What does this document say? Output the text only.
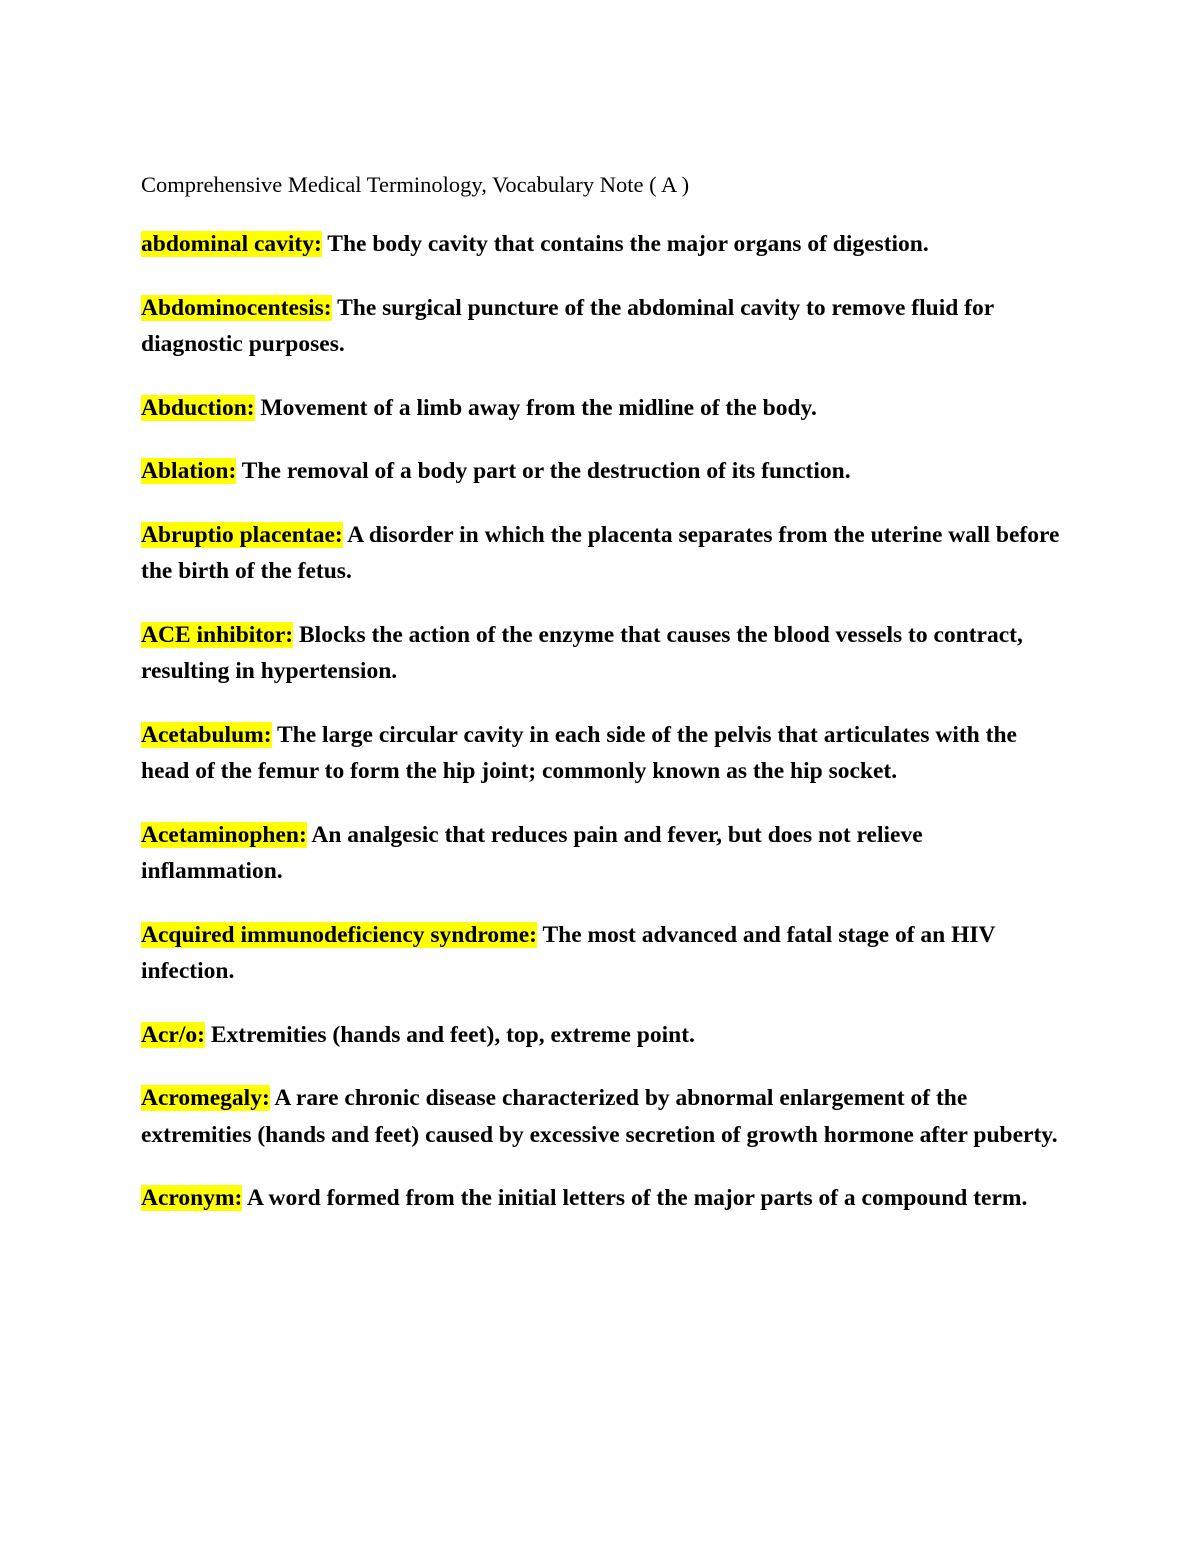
Comprehensive Medical Terminology, Vocabulary Note ( A )

abdominal cavity: The body cavity that contains the major organs of digestion.

Abdominocentesis: The surgical puncture of the abdominal cavity to remove fluid for diagnostic purposes.

Abduction: Movement of a limb away from the midline of the body.

Ablation: The removal of a body part or the destruction of its function.

Abruptio placentae: A disorder in which the placenta separates from the uterine wall before the birth of the fetus.

ACE inhibitor: Blocks the action of the enzyme that causes the blood vessels to contract, resulting in hypertension.

Acetabulum: The large circular cavity in each side of the pelvis that articulates with the head of the femur to form the hip joint; commonly known as the hip socket.

Acetaminophen: An analgesic that reduces pain and fever, but does not relieve inflammation.

Acquired immunodeficiency syndrome: The most advanced and fatal stage of an HIV infection.

Acr/o: Extremities (hands and feet), top, extreme point.

Acromegaly: A rare chronic disease characterized by abnormal enlargement of the extremities (hands and feet) caused by excessive secretion of growth hormone after puberty.

Acronym: A word formed from the initial letters of the major parts of a compound term.
